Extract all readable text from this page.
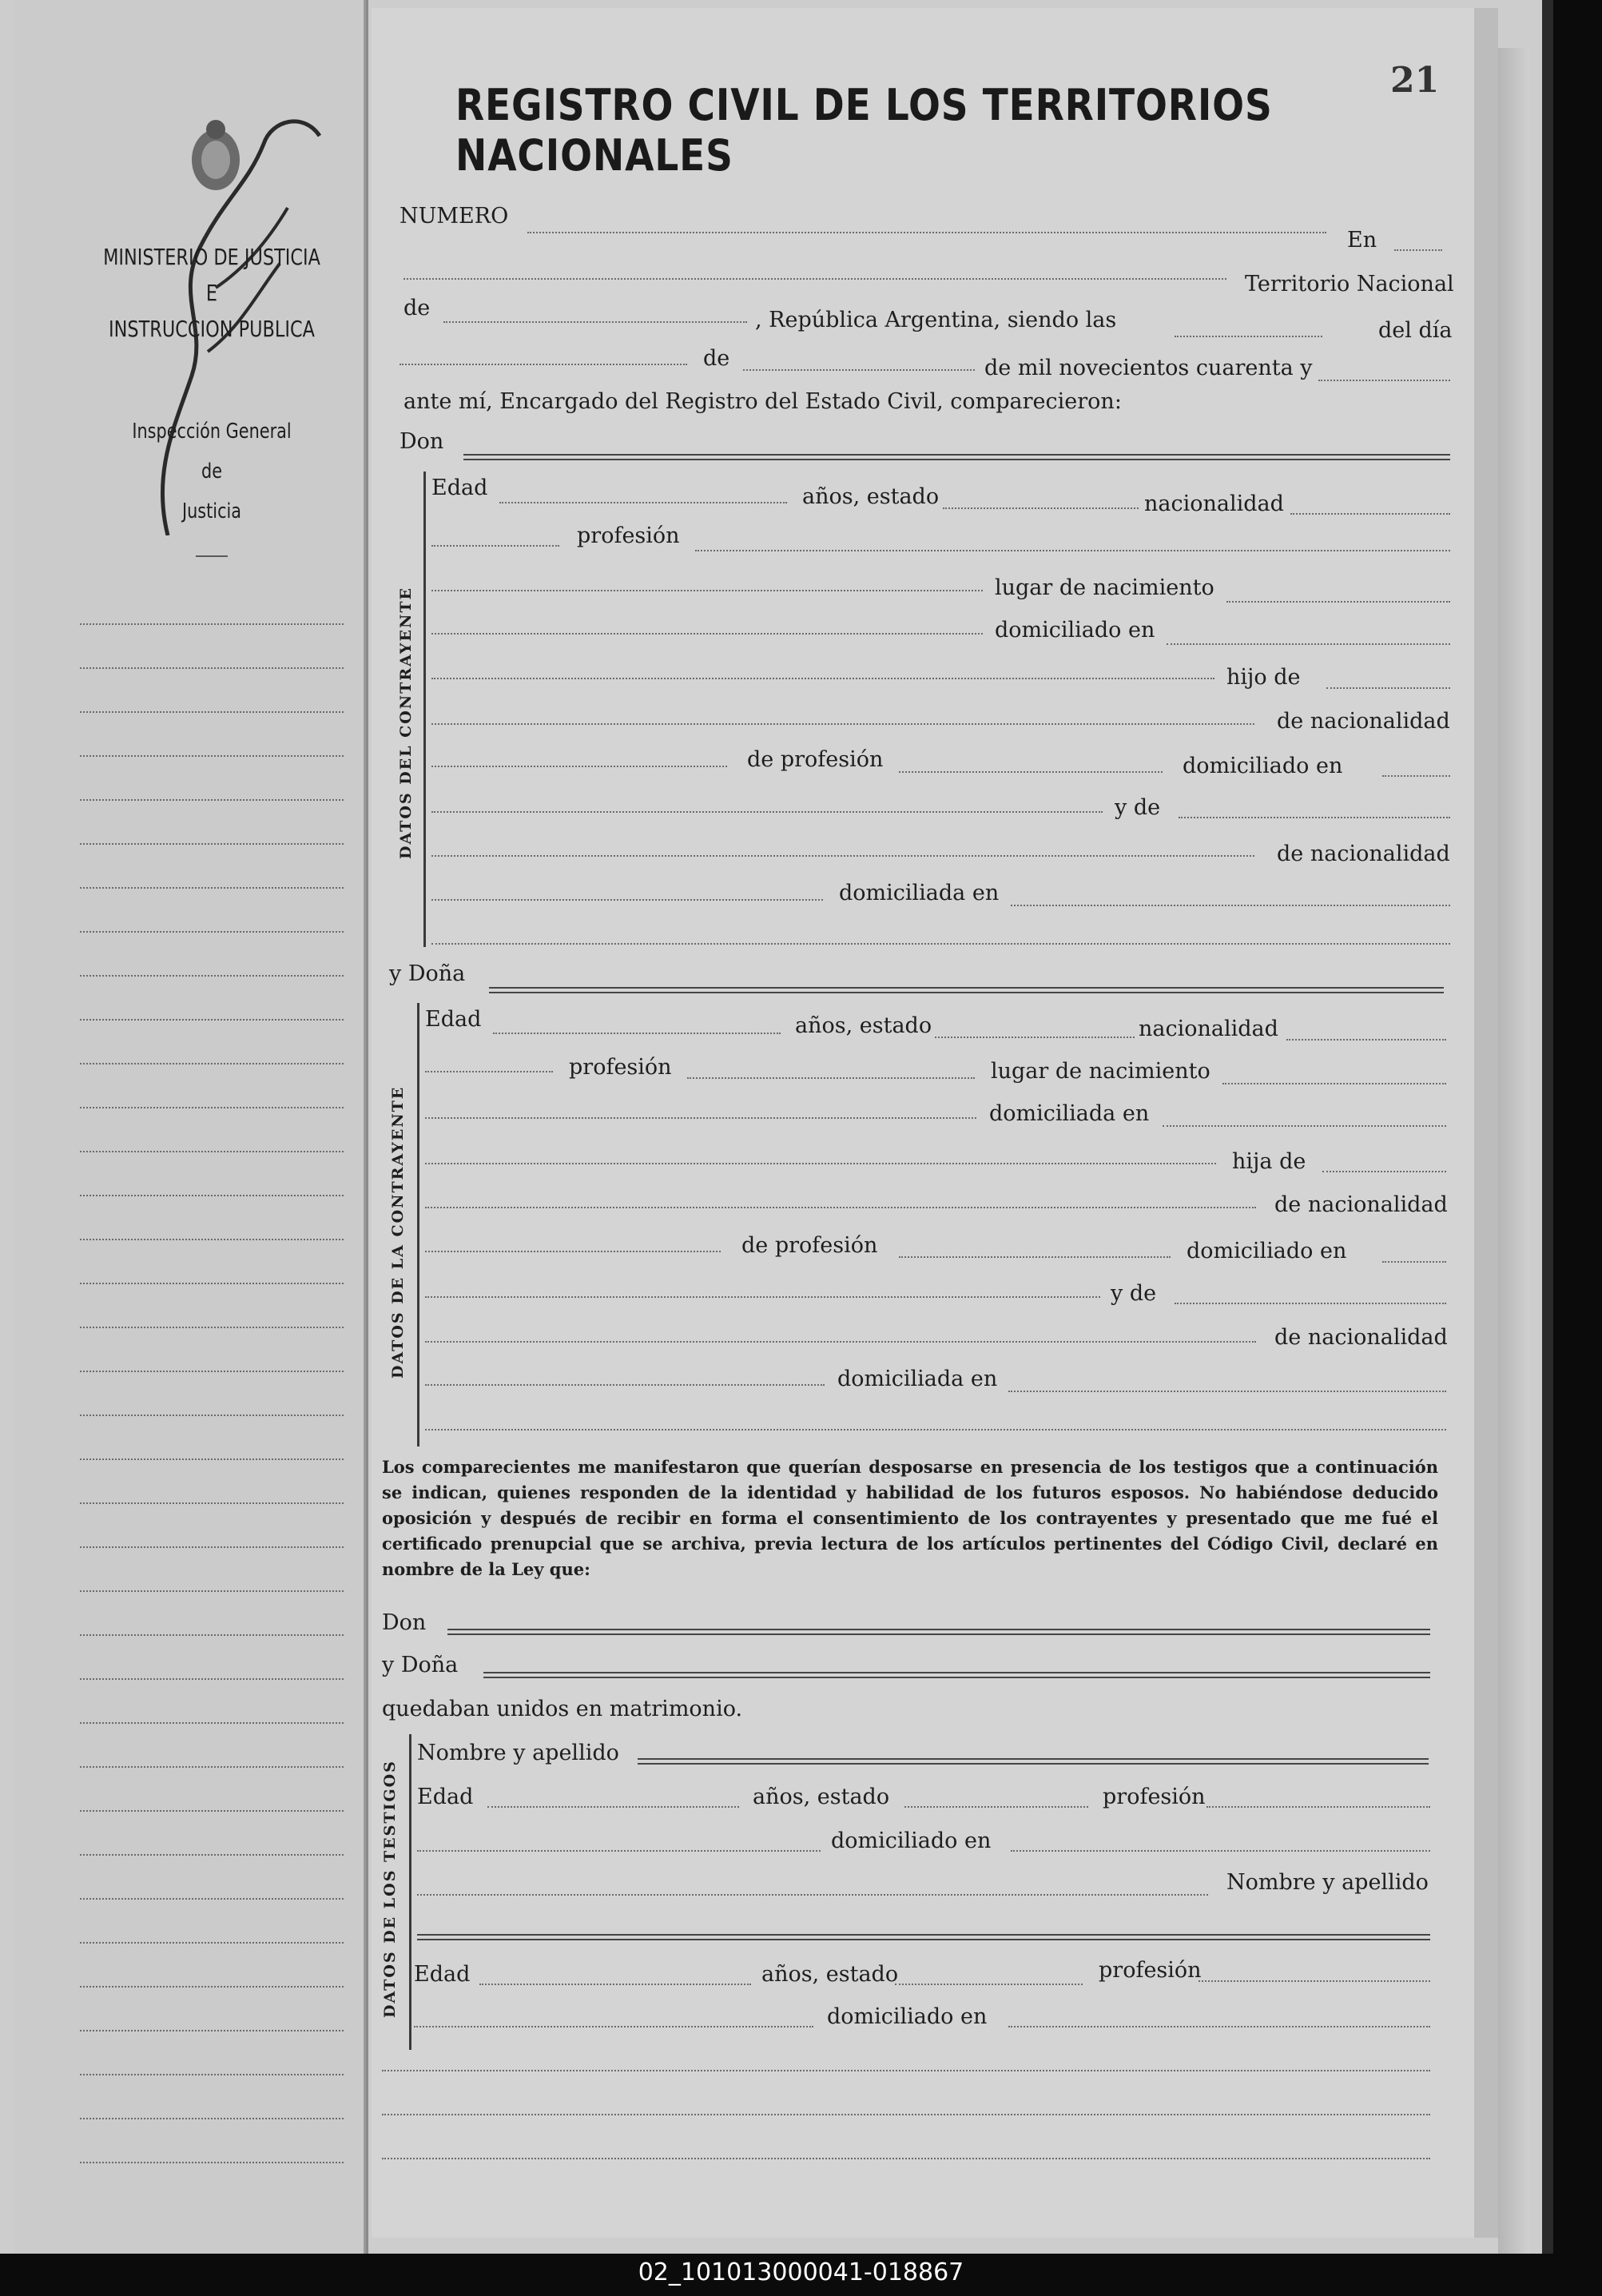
21
REGISTRO CIVIL DE LOS TERRITORIOS NACIONALES
MINISTERIO DE JUSTICIA
E
INSTRUCCION PUBLICA
Inspección General
de
Justicia
NUMERO
En
Territorio Nacional
de	, República Argentina, siendo las	del día
de	de mil novecientos cuarenta y
ante mí, Encargado del Registro del Estado Civil, comparecieron:
Don
DATOS DEL CONTRAYENTE
Edad	años, estado	nacionalidad
profesión
lugar de nacimiento
domiciliado en
hijo de
de nacionalidad
de profesión	domiciliado en
y de
de nacionalidad
domiciliada en
y Doña
DATOS DE LA CONTRAYENTE
Edad	años, estado	nacionalidad
profesión	lugar de nacimiento
domiciliada en
hija de
de nacionalidad
de profesión	domiciliado en
y de
de nacionalidad
domiciliada en
Los comparecientes me manifestaron que querían desposarse en presencia de los testigos que a continuación se indican, quienes responden de la identidad y habilidad de los futuros esposos. No habiéndose deducido oposición y después de recibir en forma el consentimiento de los contrayentes y presentado que me fué el certificado prenupcial que se archiva, previa lectura de los artículos pertinentes del Código Civil, declaré en nombre de la Ley que:
Don
y Doña
quedaban unidos en matrimonio.
DATOS DE LOS TESTIGOS
Nombre y apellido
Edad	años, estado	profesión
domiciliado en
Nombre y apellido
Edad	años, estado	profesión
domiciliado en
02_101013000041-018867
